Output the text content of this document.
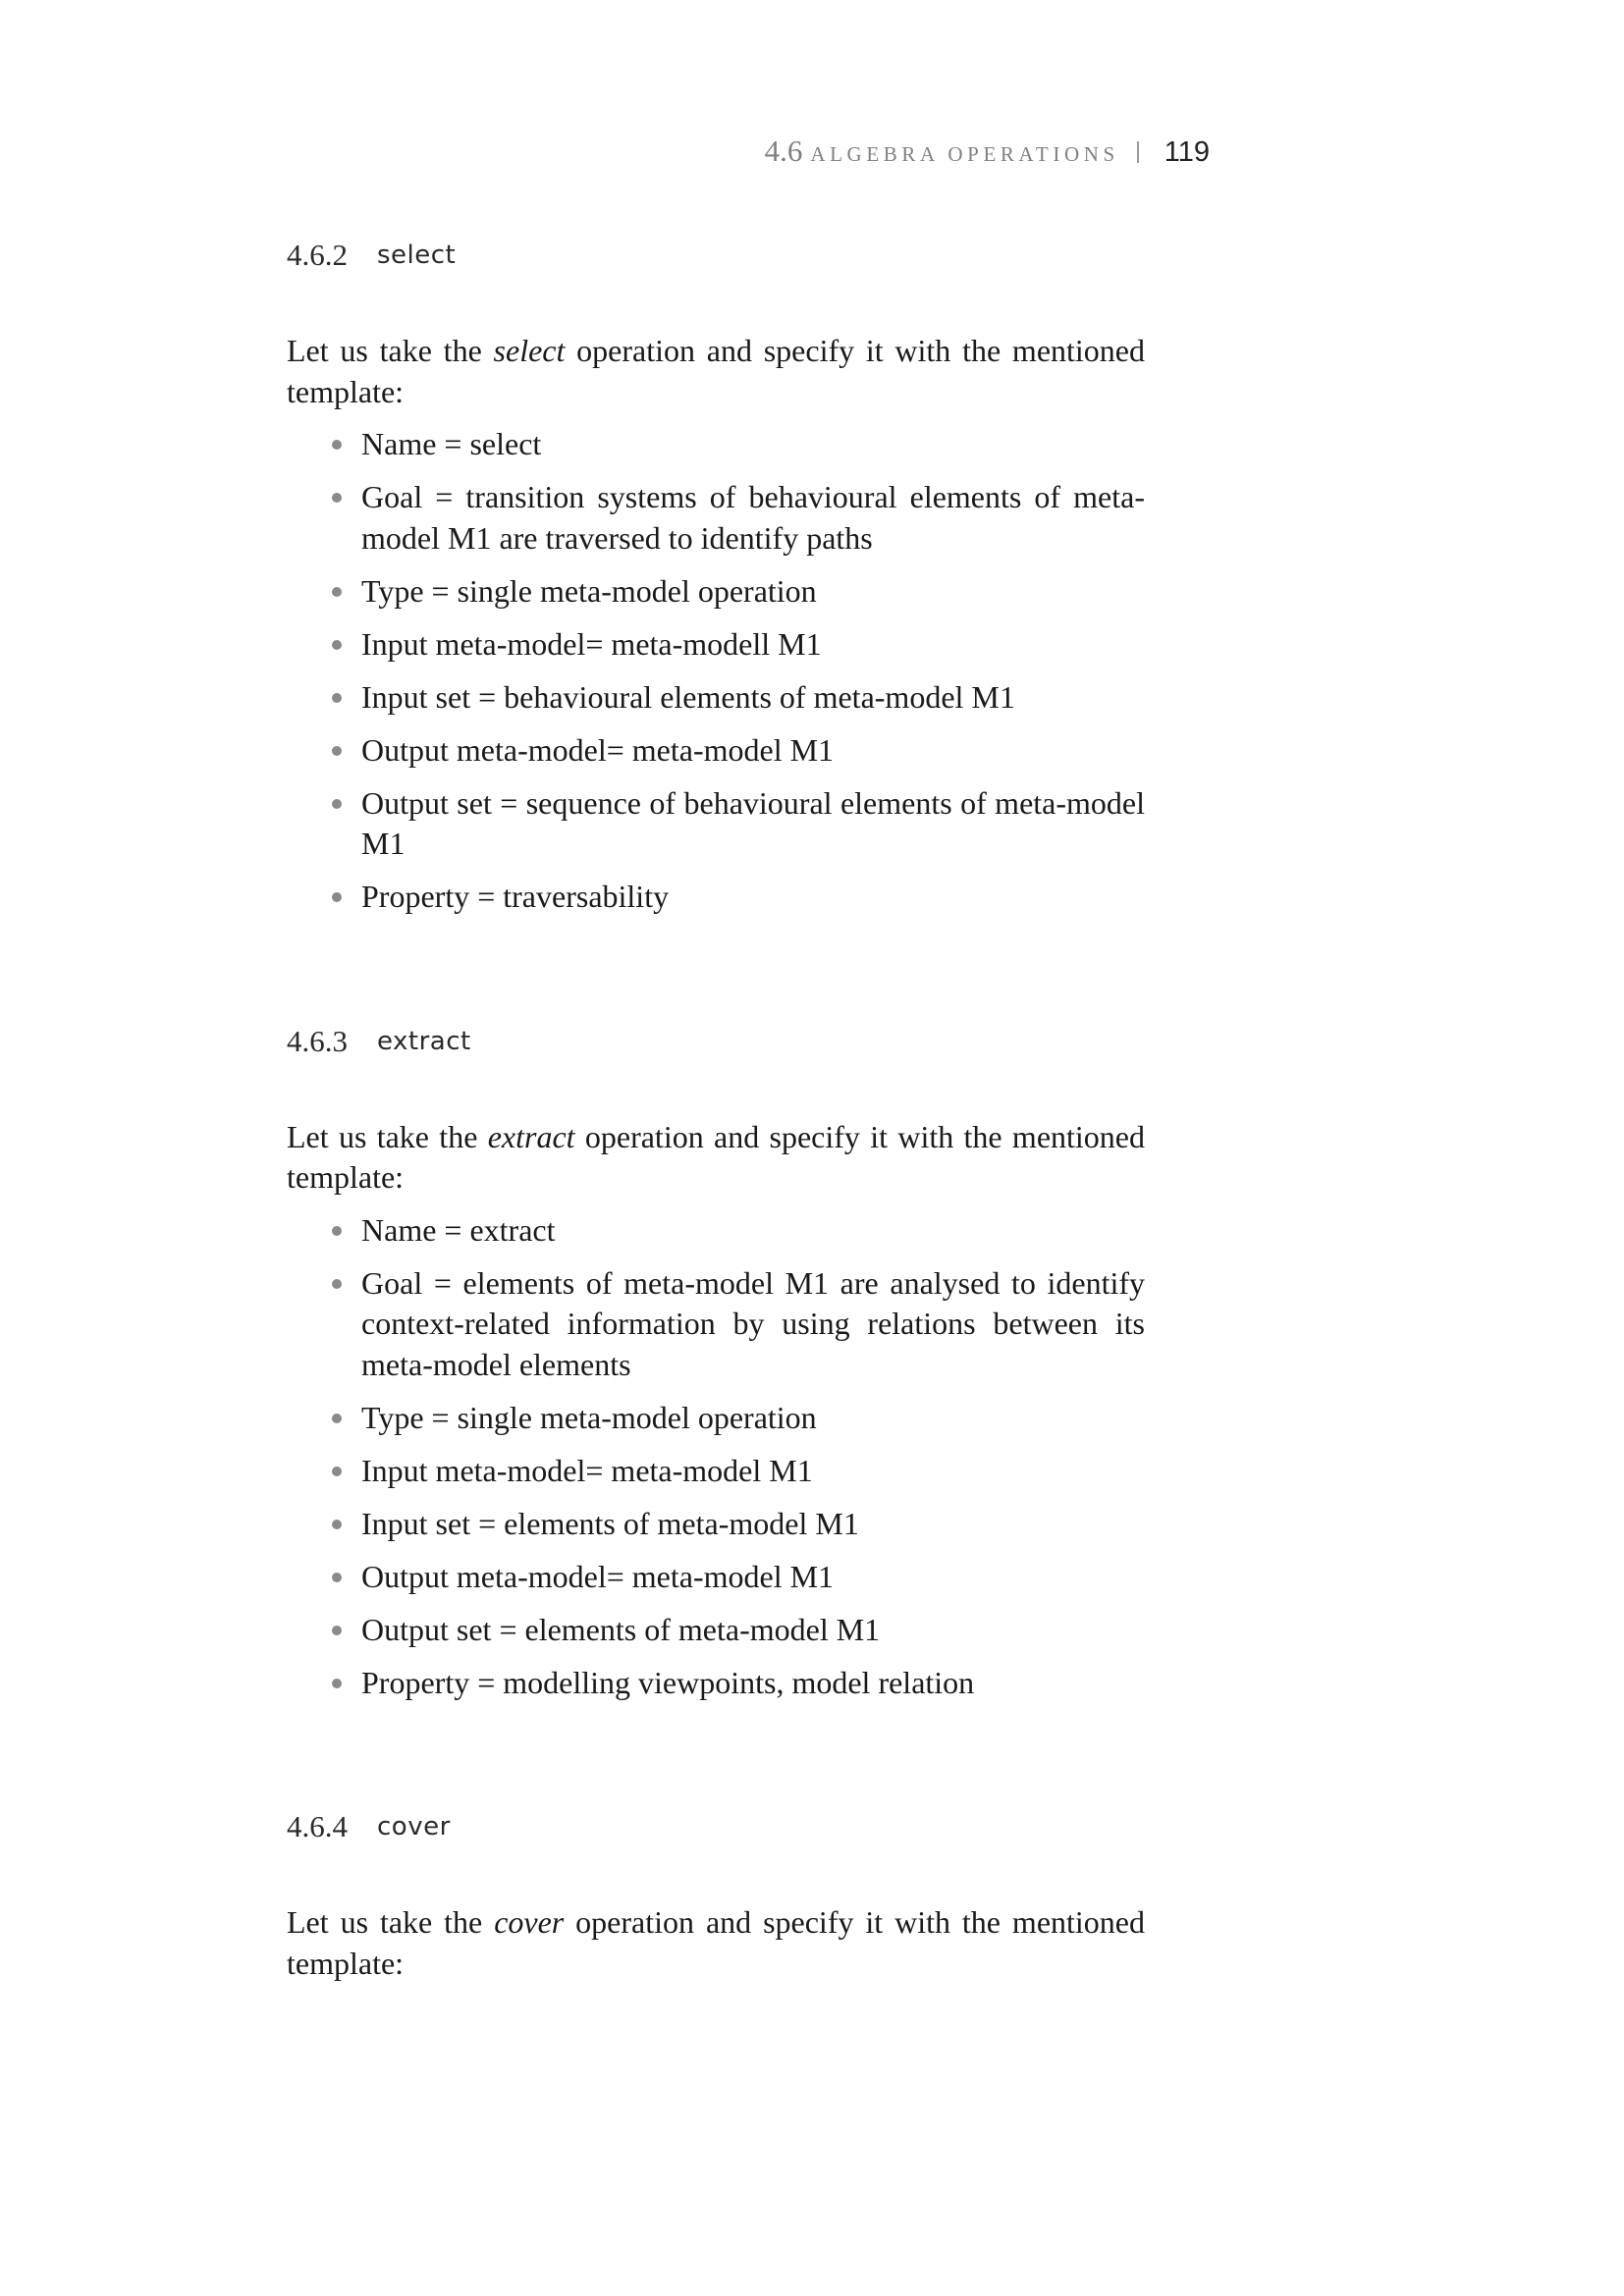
4.6 ALGEBRA OPERATIONS 119
4.6.2	select

Let us take the select operation and specify it with the mentioned template:

Name = select
Goal = transition systems of behavioural elements of meta-model M1 are traversed to identify paths
Type = single meta-model operation
Input meta-model= meta-modell M1
Input set = behavioural elements of meta-model M1
Output meta-model= meta-model M1
Output set = sequence of behavioural elements of meta-model M1
Property = traversability
4.6.3	extract

Let us take the extract operation and specify it with the mentioned template:

Name = extract
Goal = elements of meta-model M1 are analysed to identify context-related information by using relations between its meta-model elements
Type = single meta-model operation
Input meta-model= meta-model M1
Input set = elements of meta-model M1
Output meta-model= meta-model M1
Output set = elements of meta-model M1
Property = modelling viewpoints, model relation
4.6.4	cover

Let us take the cover operation and specify it with the mentioned template:
